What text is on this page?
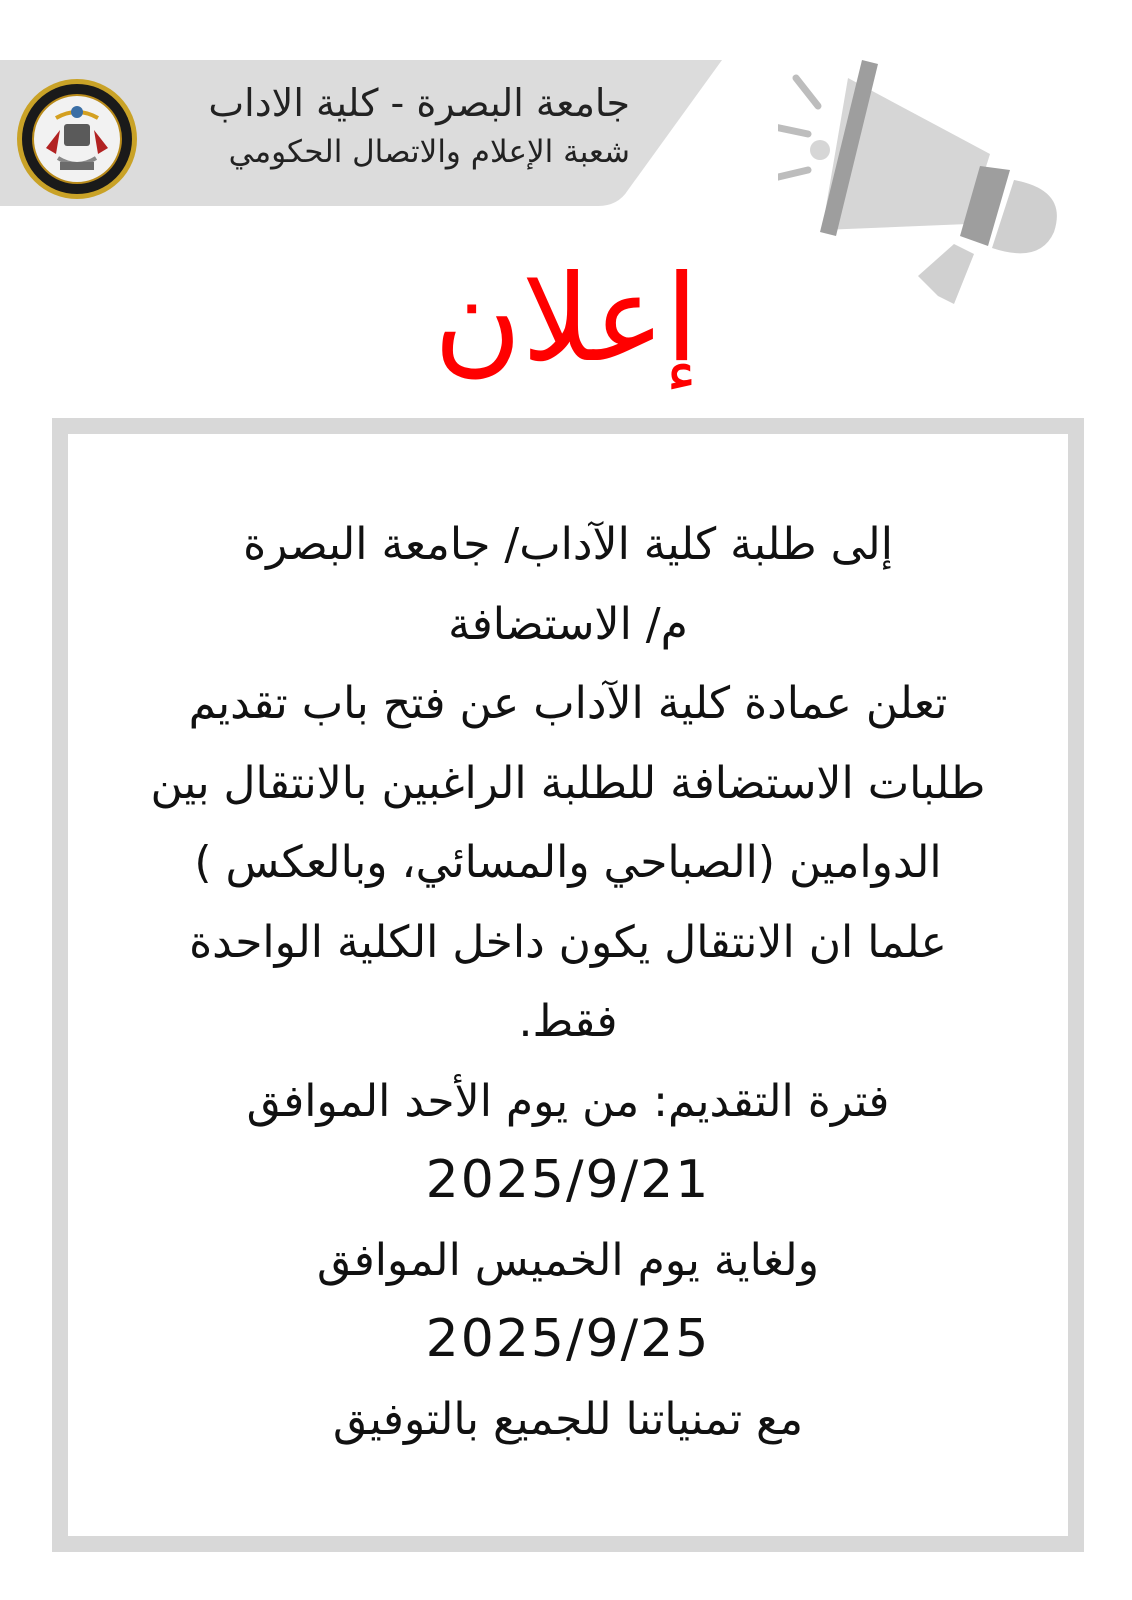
جامعة البصرة - كلية الاداب
شعبة الإعلام والاتصال الحكومي
إعلان
إلى طلبة كلية الآداب/ جامعة البصرة
م/ الاستضافة
تعلن عمادة كلية الآداب عن فتح باب تقديم
طلبات الاستضافة للطلبة الراغبين بالانتقال بين
الدوامين (الصباحي والمسائي، وبالعكس )
علما ان الانتقال يكون داخل الكلية الواحدة
فقط.
فترة التقديم: من يوم الأحد الموافق
2025/9/21
ولغاية يوم الخميس الموافق
2025/9/25
مع تمنياتنا للجميع بالتوفيق
